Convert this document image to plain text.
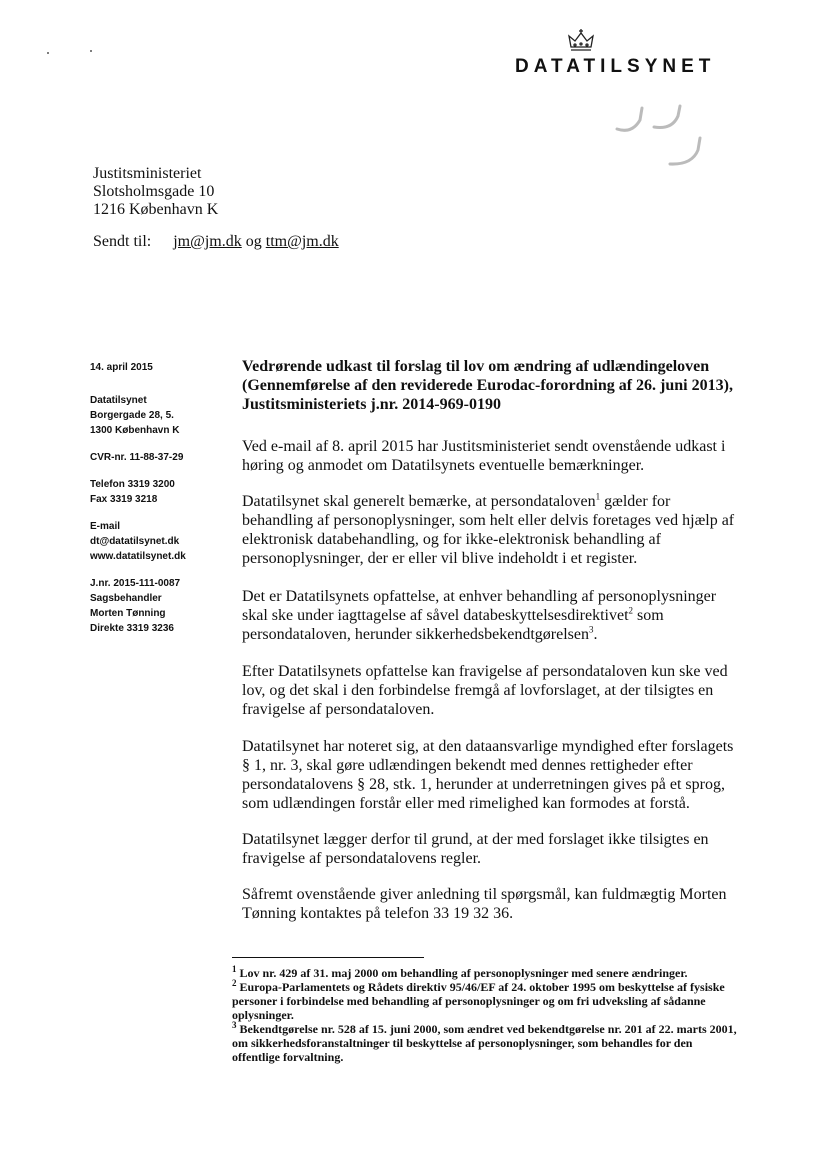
DATATILSYNET
Justitsministeriet
Slotsholmsgade 10
1216 København K
Sendt til: jm@jm.dk og ttm@jm.dk
14. april 2015
Datatilsynet
Borgergade 28, 5.
1300 København K
CVR-nr. 11-88-37-29
Telefon 3319 3200
Fax 3319 3218
E-mail
dt@datatilsynet.dk
www.datatilsynet.dk
J.nr. 2015-111-0087
Sagsbehandler
Morten Tønning
Direkte 3319 3236
Vedrørende udkast til forslag til lov om ændring af udlændingeloven
(Gennemførelse af den reviderede Eurodac-forordning af 26. juni 2013),
Justitsministeriets j.nr. 2014-969-0190

Ved e-mail af 8. april 2015 har Justitsministeriet sendt ovenstående udkast i høring og anmodet om Datatilsynets eventuelle bemærkninger.

Datatilsynet skal generelt bemærke, at persondataloven$^1$ gælder for behandling af personoplysninger, som helt eller delvis foretages ved hjælp af elektronisk databehandling, og for ikke-elektronisk behandling af personoplysninger, der er eller vil blive indeholdt i et register.

Det er Datatilsynets opfattelse, at enhver behandling af personoplysninger skal ske under iagttagelse af såvel databeskyttelsesdirektivet$^2$ som persondataloven, herunder sikkerhedsbekendtgørelsen$^3$.

Efter Datatilsynets opfattelse kan fravigelse af persondataloven kun ske ved lov, og det skal i den forbindelse fremgå af lovforslaget, at der tilsigtes en fravigelse af persondataloven.

Datatilsynet har noteret sig, at den dataansvarlige myndighed efter forslagets § 1, nr. 3, skal gøre udlændingen bekendt med dennes rettigheder efter persondatalovens § 28, stk. 1, herunder at underretningen gives på et sprog, som udlændingen forstår eller med rimelighed kan formodes at forstå.

Datatilsynet lægger derfor til grund, at der med forslaget ikke tilsigtes en fravigelse af persondatalovens regler.

Såfremt ovenstående giver anledning til spørgsmål, kan fuldmægtig Morten Tønning kontaktes på telefon 33 19 32 36.

$^1$ Lov nr. 429 af 31. maj 2000 om behandling af personoplysninger med senere ændringer.

$^2$ Europa-Parlamentets og Rådets direktiv 95/46/EF af 24. oktober 1995 om beskyttelse af fysiske personer i forbindelse med behandling af personoplysninger og om fri udveksling af sådanne oplysninger.

$^3$ Bekendtgørelse nr. 528 af 15. juni 2000, som ændret ved bekendtgørelse nr. 201 af 22. marts 2001, om sikkerhedsforanstaltninger til beskyttelse af personoplysninger, som behandles for den offentlige forvaltning.
